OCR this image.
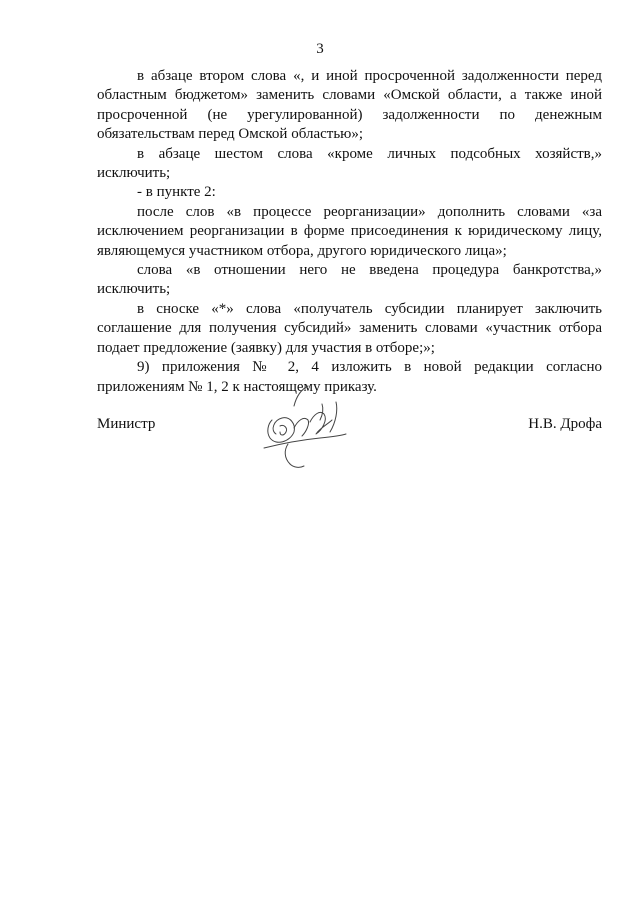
3

в абзаце втором слова «, и иной просроченной задолженности перед областным бюджетом» заменить словами «Омской области, а также иной просроченной (не урегулированной) задолженности по денежным обязательствам перед Омской областью»;

в абзаце шестом слова «кроме личных подсобных хозяйств,» исключить;

- в пункте 2:

после слов «в процессе реорганизации» дополнить словами «за исключением реорганизации в форме присоединения к юридическому лицу, являющемуся участником отбора, другого юридического лица»;

слова «в отношении него не введена процедура банкротства,» исключить;

в сноске «*» слова «получатель субсидии планирует заключить соглашение для получения субсидий» заменить словами «участник отбора подает предложение (заявку) для участия в отборе;»;

9) приложения № 2, 4 изложить в новой редакции согласно приложениям № 1, 2 к настоящему приказу.

Министр	Н.В. Дрофа
